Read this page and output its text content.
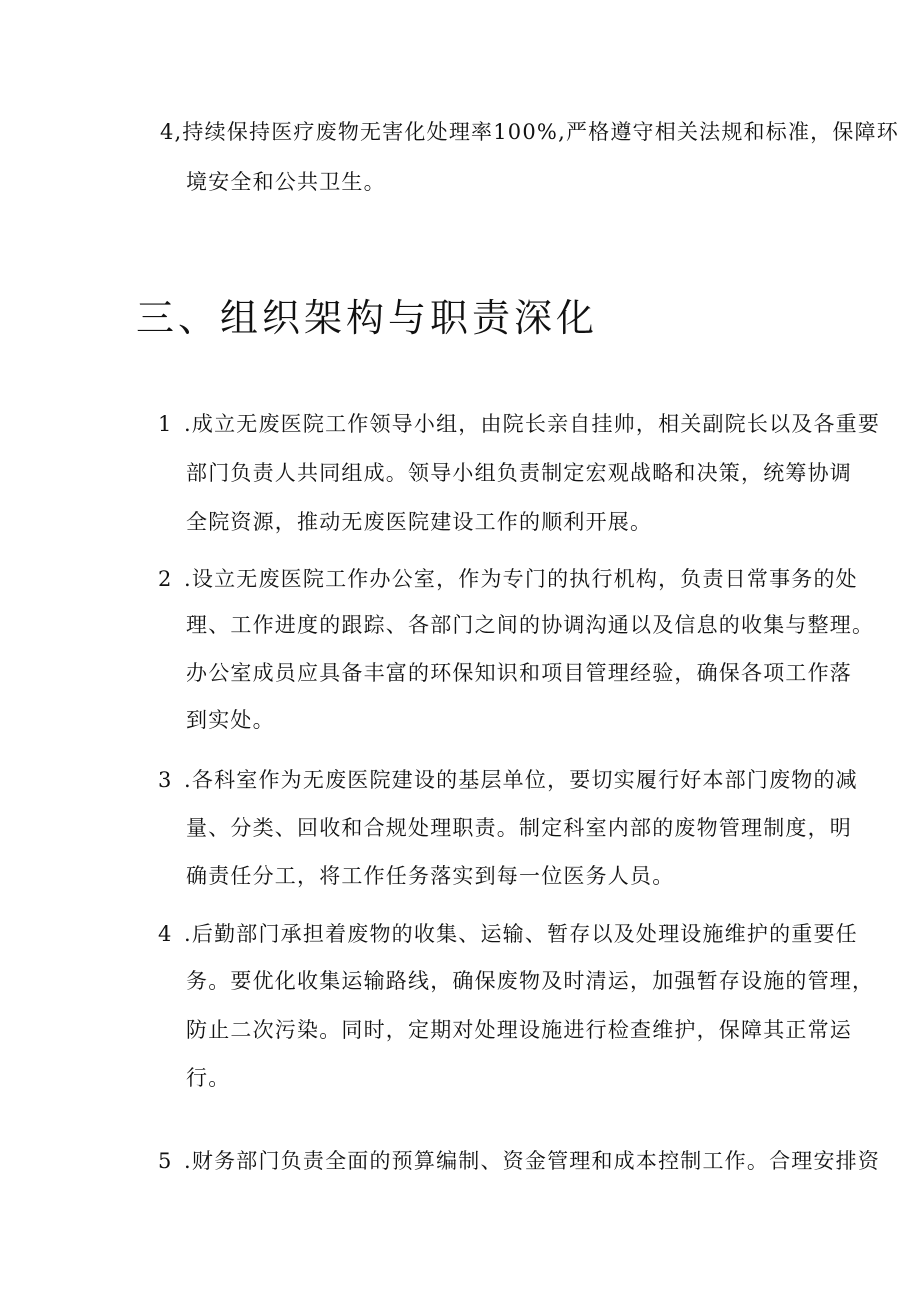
4,持续保持医疗废物无害化处理率100%,严格遵守相关法规和标准，保障环
境安全和公共卫生。
三、组织架构与职责深化
1 .成立无废医院工作领导小组，由院长亲自挂帅，相关副院长以及各重要
部门负责人共同组成。领导小组负责制定宏观战略和决策，统筹协调
全院资源，推动无废医院建设工作的顺利开展。
2 .设立无废医院工作办公室，作为专门的执行机构，负责日常事务的处
理、工作进度的跟踪、各部门之间的协调沟通以及信息的收集与整理。
办公室成员应具备丰富的环保知识和项目管理经验，确保各项工作落
到实处。
3 .各科室作为无废医院建设的基层单位，要切实履行好本部门废物的减
量、分类、回收和合规处理职责。制定科室内部的废物管理制度，明
确责任分工，将工作任务落实到每一位医务人员。
4 .后勤部门承担着废物的收集、运输、暂存以及处理设施维护的重要任
务。要优化收集运输路线，确保废物及时清运，加强暂存设施的管理，
防止二次污染。同时，定期对处理设施进行检查维护，保障其正常运
行。
5 .财务部门负责全面的预算编制、资金管理和成本控制工作。合理安排资
